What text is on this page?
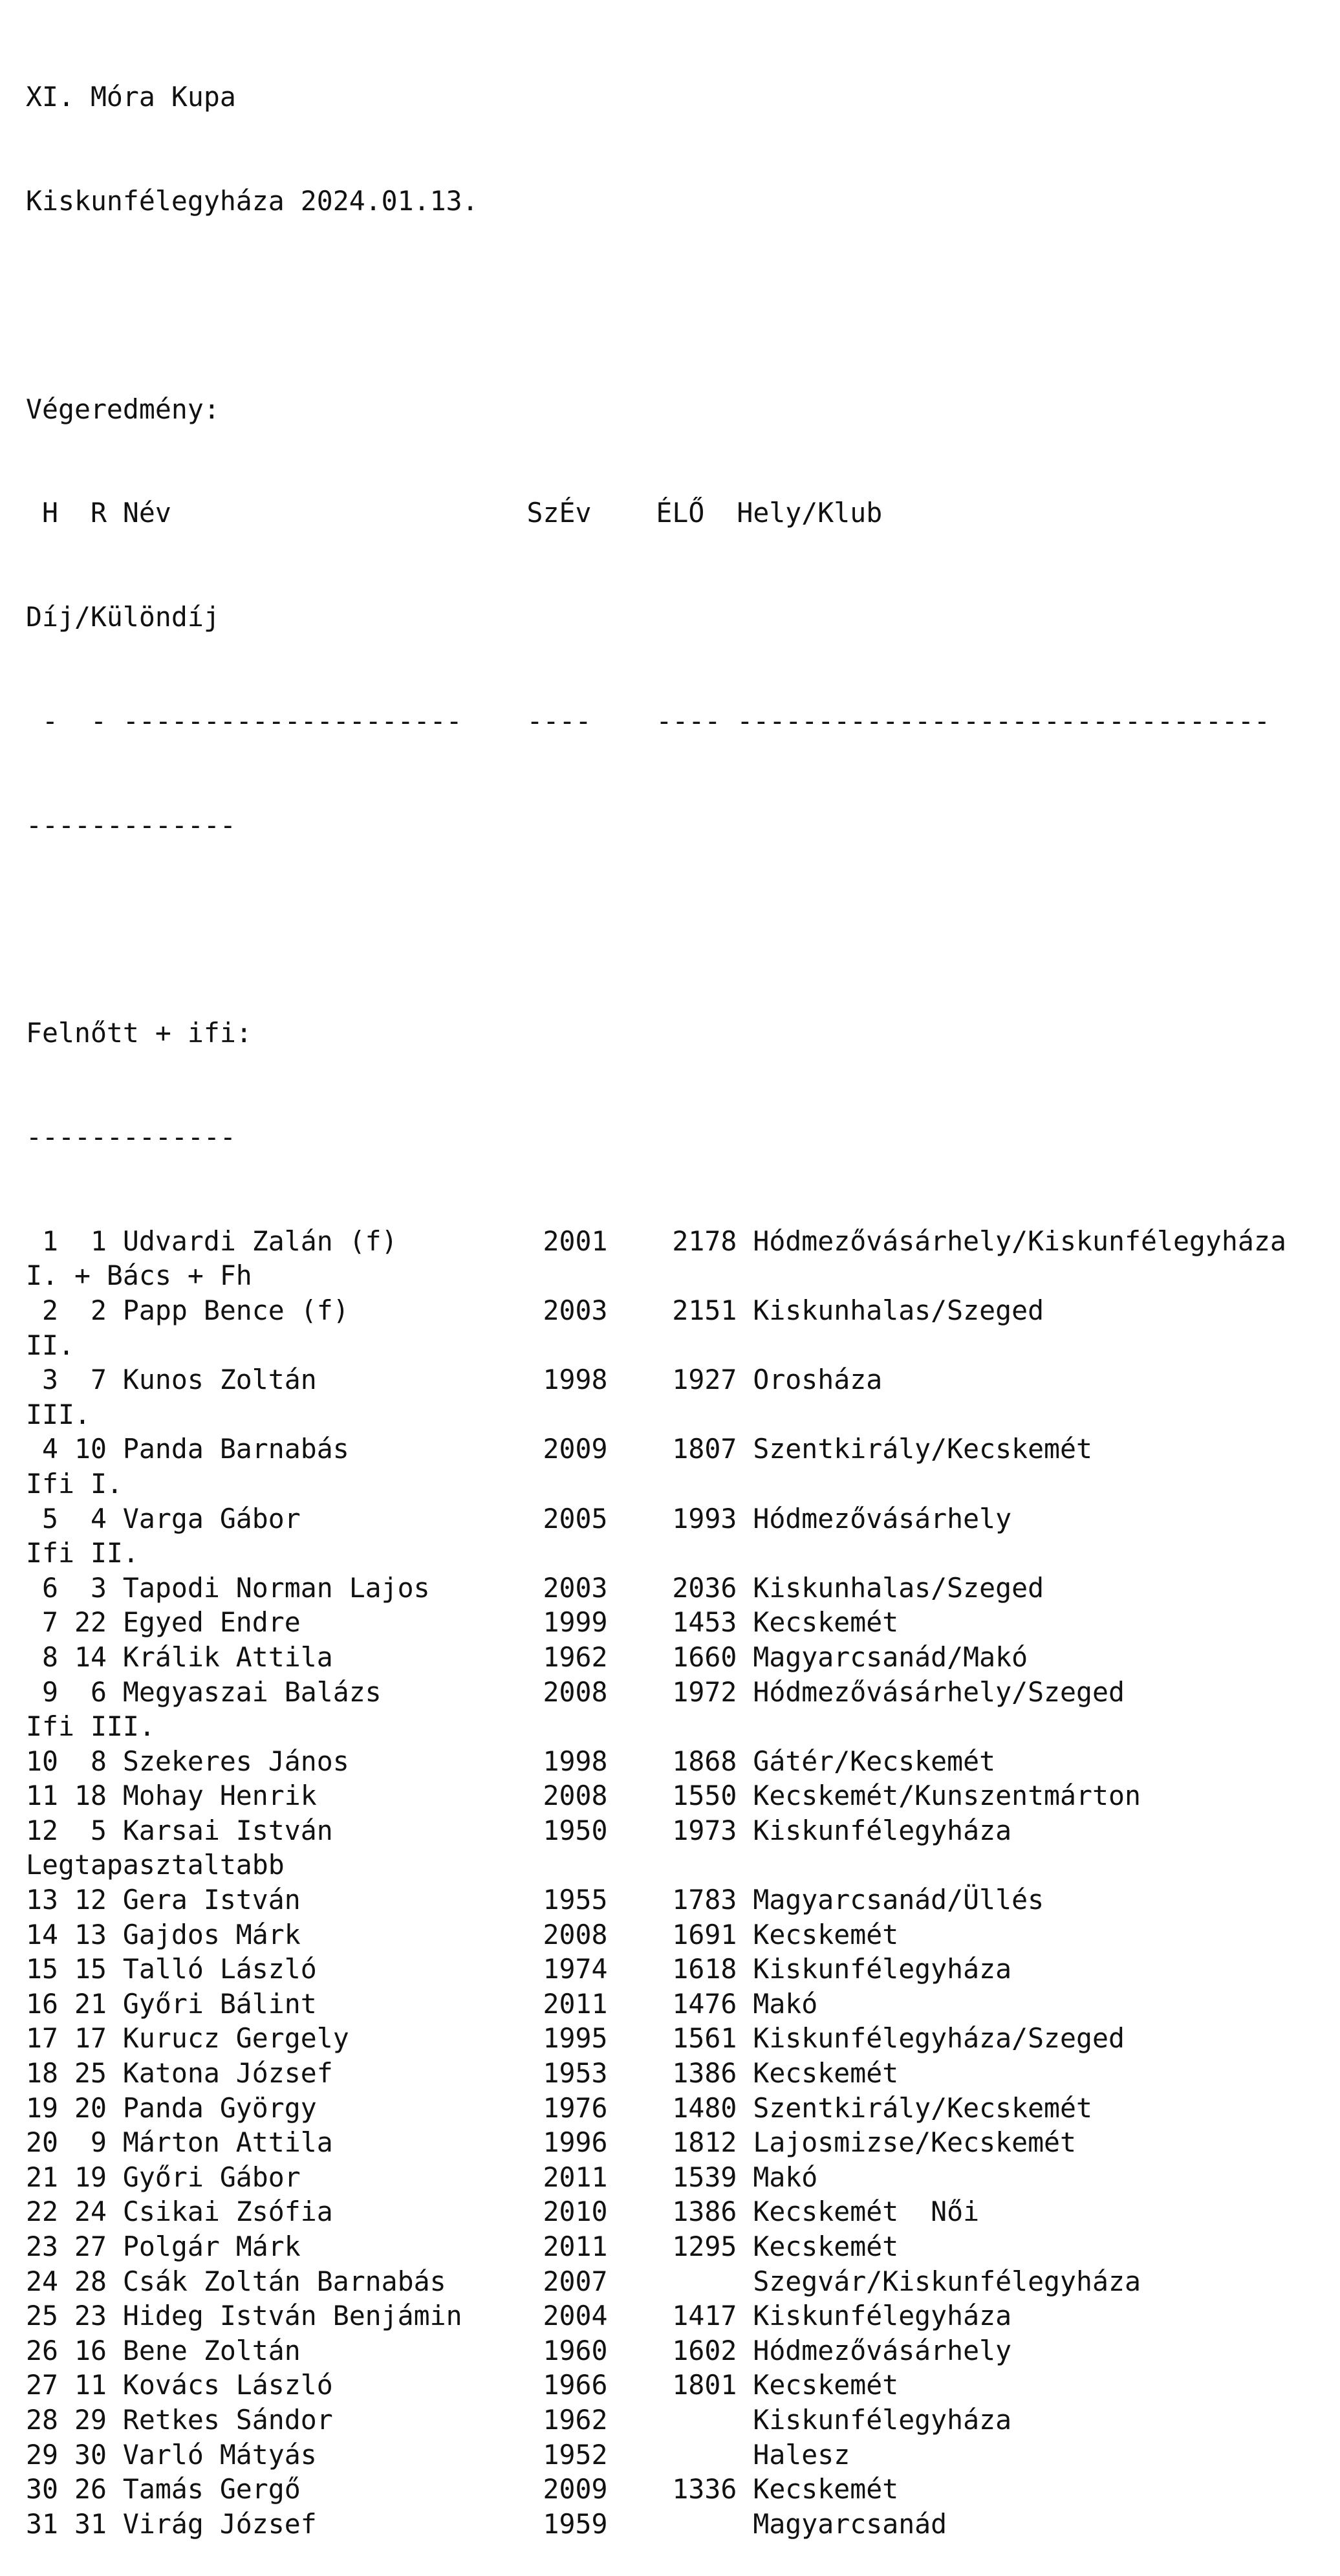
XI. Móra Kupa

Kiskunfélegyháza 2024.01.13.

Végeredmény:

H  R Név                      SzÉv    ÉLŐ  Hely/Klub

Díj/Különdíj

-  - ---------------------    ----    ---- ---------------------------------

-------------

Felnőtt + ifi:

-------------

1  1 Udvardi Zalán (f)         2001    2178 Hódmezővásárhely/Kiskunfélegyháza
I. + Bács + Fh
2  2 Papp Bence (f)            2003    2151 Kiskunhalas/Szeged
II.
3  7 Kunos Zoltán              1998    1927 Orosháza
III.
4 10 Panda Barnabás            2009    1807 Szentkirály/Kecskemét
Ifi I.
5  4 Varga Gábor               2005    1993 Hódmezővásárhely
Ifi II.
6  3 Tapodi Norman Lajos       2003    2036 Kiskunhalas/Szeged
7 22 Egyed Endre               1999    1453 Kecskemét
8 14 Králik Attila             1962    1660 Magyarcsanád/Makó
9  6 Megyaszai Balázs          2008    1972 Hódmezővásárhely/Szeged
Ifi III.
10  8 Szekeres János            1998    1868 Gátér/Kecskemét
11 18 Mohay Henrik              2008    1550 Kecskemét/Kunszentmárton
12  5 Karsai István             1950    1973 Kiskunfélegyháza
Legtapasztaltabb
13 12 Gera István               1955    1783 Magyarcsanád/Üllés
14 13 Gajdos Márk               2008    1691 Kecskemét
15 15 Talló László              1974    1618 Kiskunfélegyháza
16 21 Győri Bálint              2011    1476 Makó
17 17 Kurucz Gergely            1995    1561 Kiskunfélegyháza/Szeged
18 25 Katona József             1953    1386 Kecskemét
19 20 Panda György              1976    1480 Szentkirály/Kecskemét
20  9 Márton Attila             1996    1812 Lajosmizse/Kecskemét
21 19 Győri Gábor               2011    1539 Makó
22 24 Csikai Zsófia             2010    1386 Kecskemét  Női
23 27 Polgár Márk               2011    1295 Kecskemét
24 28 Csák Zoltán Barnabás      2007         Szegvár/Kiskunfélegyháza
25 23 Hideg István Benjámin     2004    1417 Kiskunfélegyháza
26 16 Bene Zoltán               1960    1602 Hódmezővásárhely
27 11 Kovács László             1966    1801 Kecskemét
28 29 Retkes Sándor             1962         Kiskunfélegyháza
29 30 Varló Mátyás              1952         Halesz
30 26 Tamás Gergő               2009    1336 Kecskemét
31 31 Virág József              1959         Magyarcsanád
